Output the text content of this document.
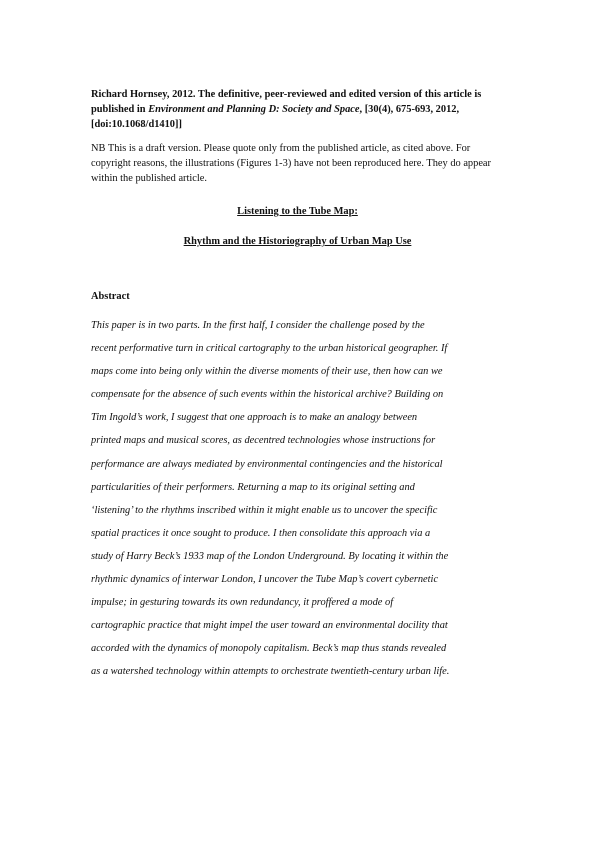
Richard Hornsey, 2012. The definitive, peer-reviewed and edited version of this article is published in Environment and Planning D: Society and Space, [30(4), 675-693, 2012, [doi:10.1068/d1410]]
NB This is a draft version. Please quote only from the published article, as cited above. For copyright reasons, the illustrations (Figures 1-3) have not been reproduced here. They do appear within the published article.
Listening to the Tube Map:
Rhythm and the Historiography of Urban Map Use
Abstract
This paper is in two parts. In the first half, I consider the challenge posed by the
recent performative turn in critical cartography to the urban historical geographer. If
maps come into being only within the diverse moments of their use, then how can we
compensate for the absence of such events within the historical archive? Building on
Tim Ingold’s work, I suggest that one approach is to make an analogy between
printed maps and musical scores, as decentred technologies whose instructions for
performance are always mediated by environmental contingencies and the historical
particularities of their performers. Returning a map to its original setting and
‘listening’ to the rhythms inscribed within it might enable us to uncover the specific
spatial practices it once sought to produce. I then consolidate this approach via a
study of Harry Beck’s 1933 map of the London Underground. By locating it within the
rhythmic dynamics of interwar London, I uncover the Tube Map’s covert cybernetic
impulse; in gesturing towards its own redundancy, it proffered a mode of
cartographic practice that might impel the user toward an environmental docility that
accorded with the dynamics of monopoly capitalism. Beck’s map thus stands revealed
as a watershed technology within attempts to orchestrate twentieth-century urban life.
